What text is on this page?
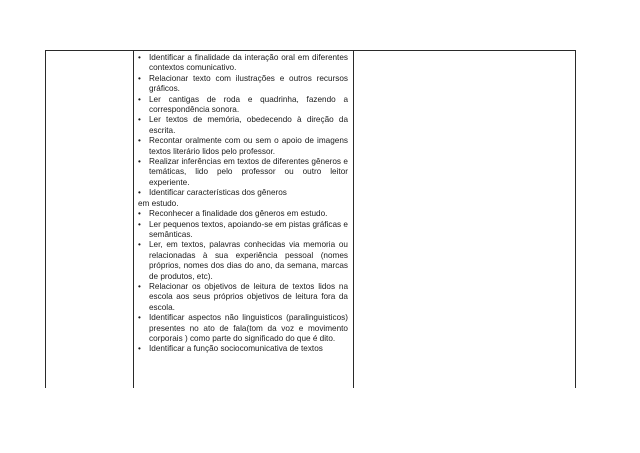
• Identificar a finalidade da interação oral em diferentes contextos comunicativo.
• Relacionar texto com ilustrações e outros recursos gráficos.
• Ler cantigas de roda e quadrinha, fazendo a correspondência sonora.
• Ler textos de memória, obedecendo à direção da escrita.
• Recontar oralmente com ou sem o apoio de imagens textos literário lidos pelo professor.
• Realizar inferências em textos de diferentes gêneros e temáticas, lido pelo professor ou outro leitor experiente.
• Identificar características dos gêneros
em estudo.
• Reconhecer a finalidade dos gêneros em estudo.
• Ler pequenos textos, apoiando-se em pistas gráficas e semânticas.
• Ler, em textos, palavras conhecidas via memoria ou relacionadas à sua experiência pessoal (nomes próprios, nomes dos dias do ano, da semana, marcas de produtos, etc).
• Relacionar os objetivos de leitura de textos lidos na escola aos seus próprios objetivos de leitura fora da escola.
• Identificar aspectos não linguisticos (paralinguisticos) presentes no ato de fala(tom da voz e movimento corporais ) como parte do significado do que é dito.
• Identificar a função sociocomunicativa de textos
